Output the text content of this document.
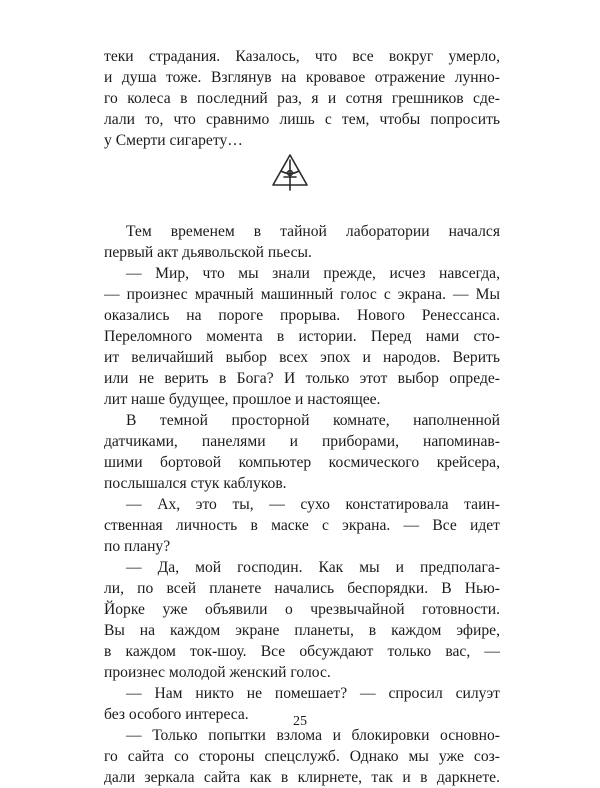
теки страдания. Казалось, что все вокруг умерло,
и душа тоже. Взглянув на кровавое отражение лунно-
го колеса в последний раз, я и сотня грешников сде-
лали то, что сравнимо лишь с тем, чтобы попросить
у Смерти сигарету…
Тем временем в тайной лаборатории начался
первый акт дьявольской пьесы.
— Мир, что мы знали прежде, исчез навсегда,
— произнес мрачный машинный голос с экрана. — Мы
оказались на пороге прорыва. Нового Ренессанса.
Переломного момента в истории. Перед нами сто-
ит величайший выбор всех эпох и народов. Верить
или не верить в Бога? И только этот выбор опреде-
лит наше будущее, прошлое и настоящее.
В темной просторной комнате, наполненной
датчиками, панелями и приборами, напоминав-
шими бортовой компьютер космического крейсера,
послышался стук каблуков.
— Ах, это ты, — сухо констатировала таин-
ственная личность в маске с экрана. — Все идет
по плану?
— Да, мой господин. Как мы и предполага-
ли, по всей планете начались беспорядки. В Нью-
Йорке уже объявили о чрезвычайной готовности.
Вы на каждом экране планеты, в каждом эфире,
в каждом ток-шоу. Все обсуждают только вас, —
произнес молодой женский голос.
— Нам никто не помешает? — спросил силуэт
без особого интереса.
— Только попытки взлома и блокировки основно-
го сайта со стороны спецслужб. Однако мы уже соз-
дали зеркала сайта как в клирнете, так и в даркнете.
25
